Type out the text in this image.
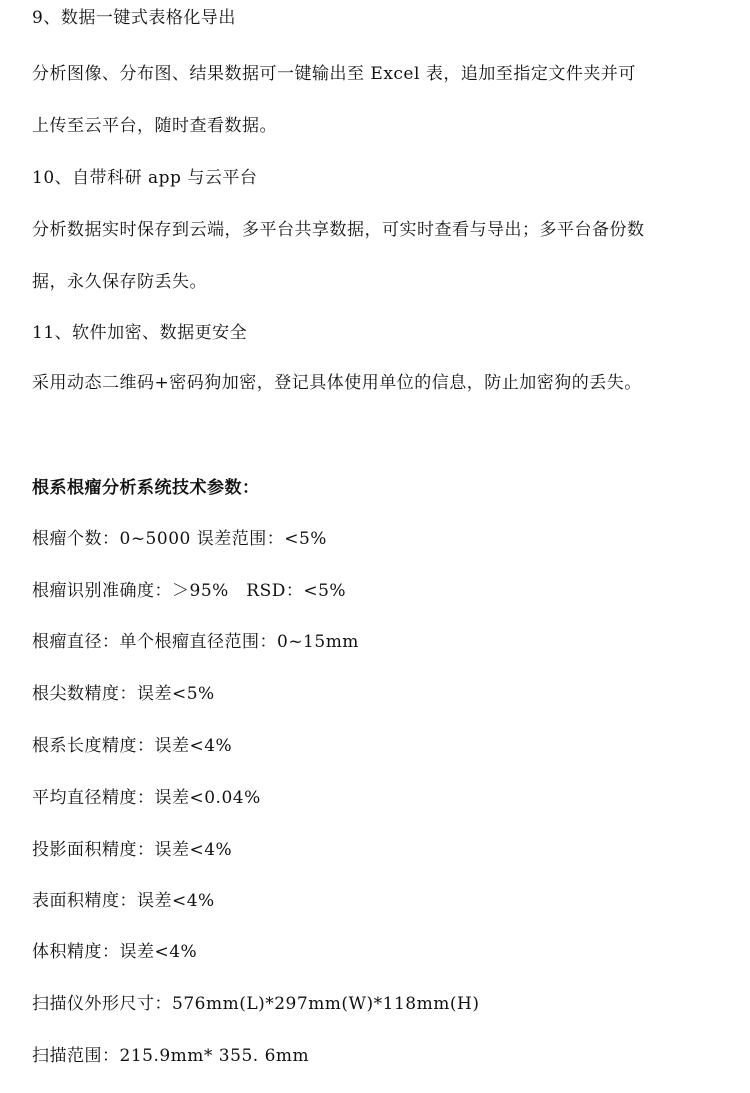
9、数据一键式表格化导出
分析图像、分布图、结果数据可一键输出至 Excel 表，追加至指定文件夹并可
上传至云平台，随时查看数据。
10、自带科研 app 与云平台
分析数据实时保存到云端，多平台共享数据，可实时查看与导出；多平台备份数
据，永久保存防丢失。
11、软件加密、数据更安全
采用动态二维码+密码狗加密，登记具体使用单位的信息，防止加密狗的丢失。
根系根瘤分析系统技术参数：
根瘤个数：0~5000 误差范围：<5%
根瘤识别准确度：＞95%　RSD：<5%
根瘤直径：单个根瘤直径范围：0~15mm
根尖数精度：误差<5%
根系长度精度：误差<4%
平均直径精度：误差<0.04%
投影面积精度：误差<4%
表面积精度：误差<4%
体积精度：误差<4%
扫描仪外形尺寸：576mm(L)*297mm(W)*118mm(H)
扫描范围：215.9mm* 355. 6mm
